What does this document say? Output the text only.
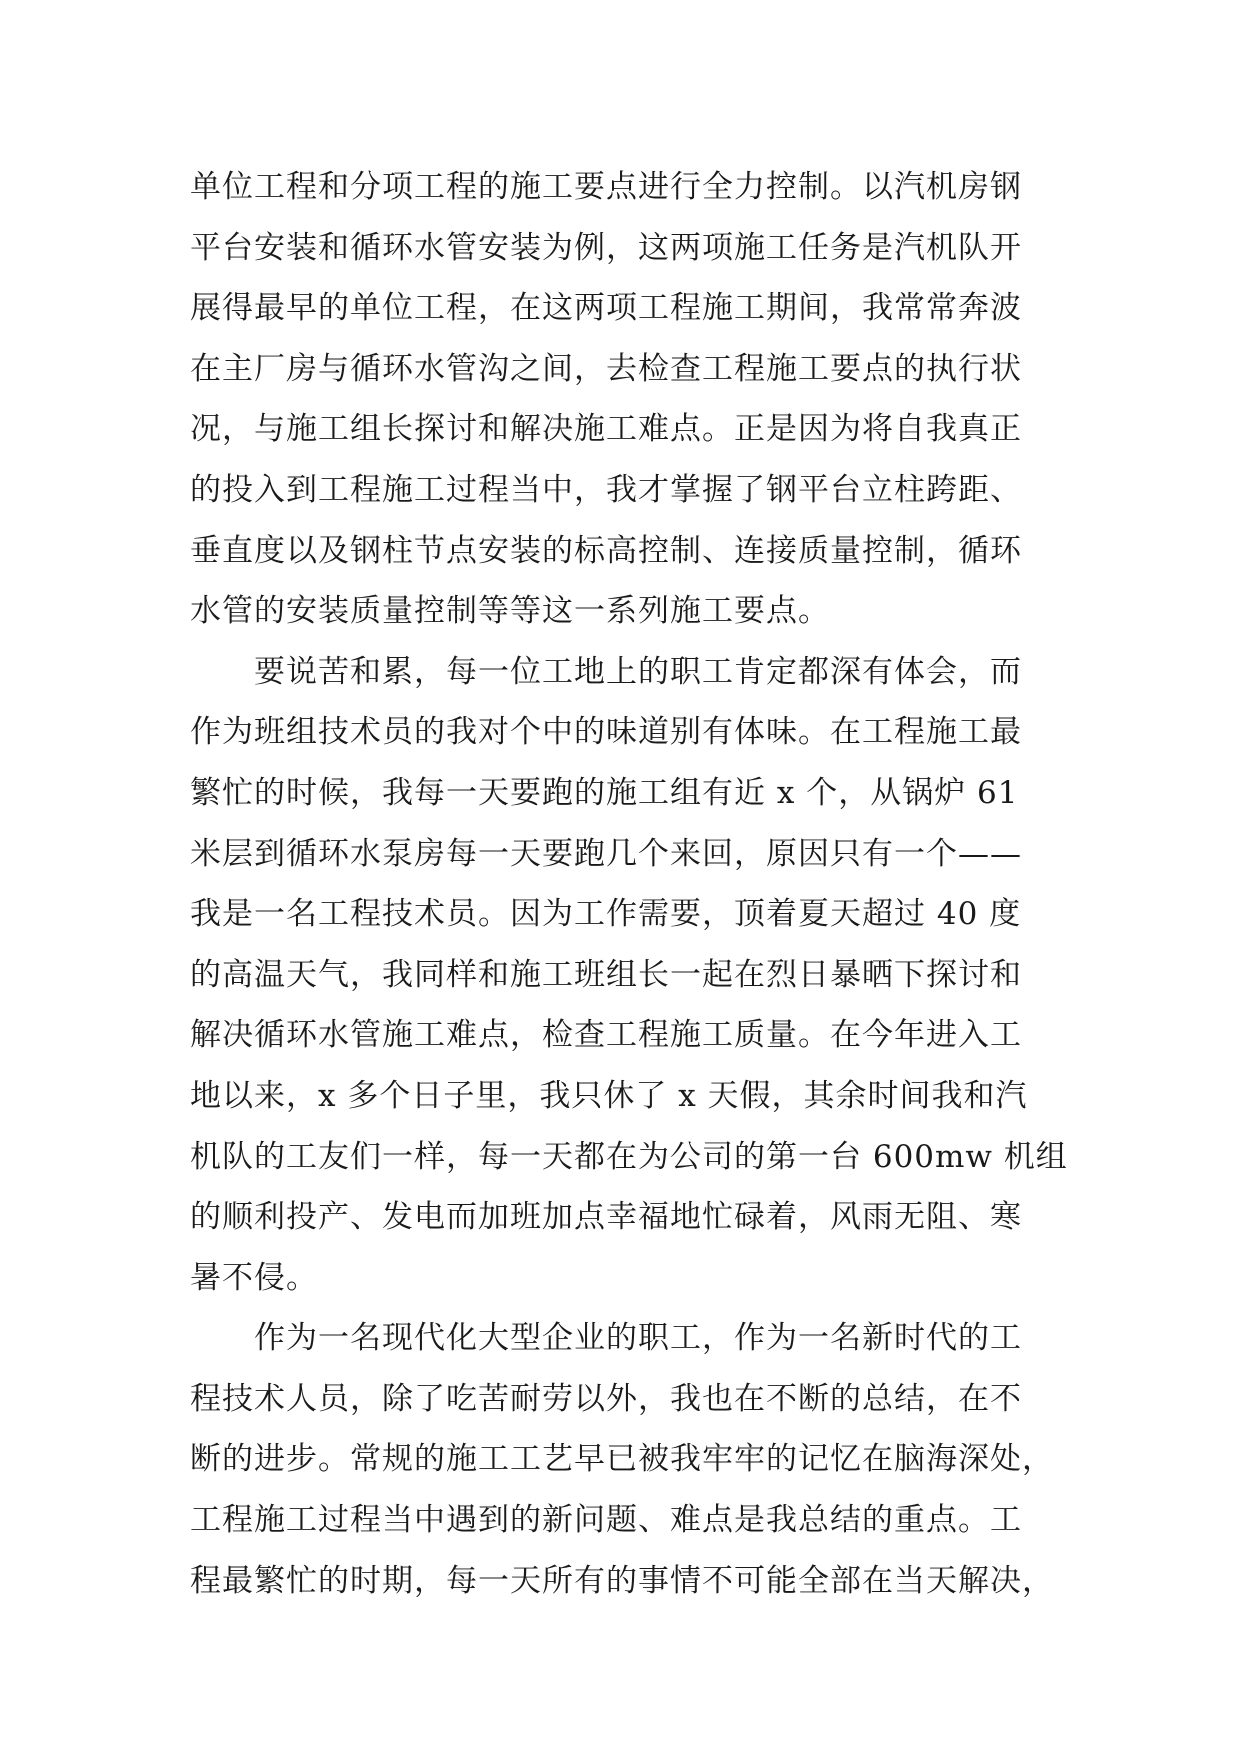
单位工程和分项工程的施工要点进行全力控制。以汽机房钢
平台安装和循环水管安装为例，这两项施工任务是汽机队开
展得最早的单位工程，在这两项工程施工期间，我常常奔波
在主厂房与循环水管沟之间，去检查工程施工要点的执行状
况，与施工组长探讨和解决施工难点。正是因为将自我真正
的投入到工程施工过程当中，我才掌握了钢平台立柱跨距、
垂直度以及钢柱节点安装的标高控制、连接质量控制，循环
水管的安装质量控制等等这一系列施工要点。
要说苦和累，每一位工地上的职工肯定都深有体会，而
作为班组技术员的我对个中的味道别有体味。在工程施工最
繁忙的时候，我每一天要跑的施工组有近 x 个，从锅炉 61
米层到循环水泵房每一天要跑几个来回，原因只有一个——
我是一名工程技术员。因为工作需要，顶着夏天超过 40 度
的高温天气，我同样和施工班组长一起在烈日暴晒下探讨和
解决循环水管施工难点，检查工程施工质量。在今年进入工
地以来，x 多个日子里，我只休了 x 天假，其余时间我和汽
机队的工友们一样，每一天都在为公司的第一台 600mw 机组
的顺利投产、发电而加班加点幸福地忙碌着，风雨无阻、寒
暑不侵。
作为一名现代化大型企业的职工，作为一名新时代的工
程技术人员，除了吃苦耐劳以外，我也在不断的总结，在不
断的进步。常规的施工工艺早已被我牢牢的记忆在脑海深处，
工程施工过程当中遇到的新问题、难点是我总结的重点。工
程最繁忙的时期，每一天所有的事情不可能全部在当天解决，
